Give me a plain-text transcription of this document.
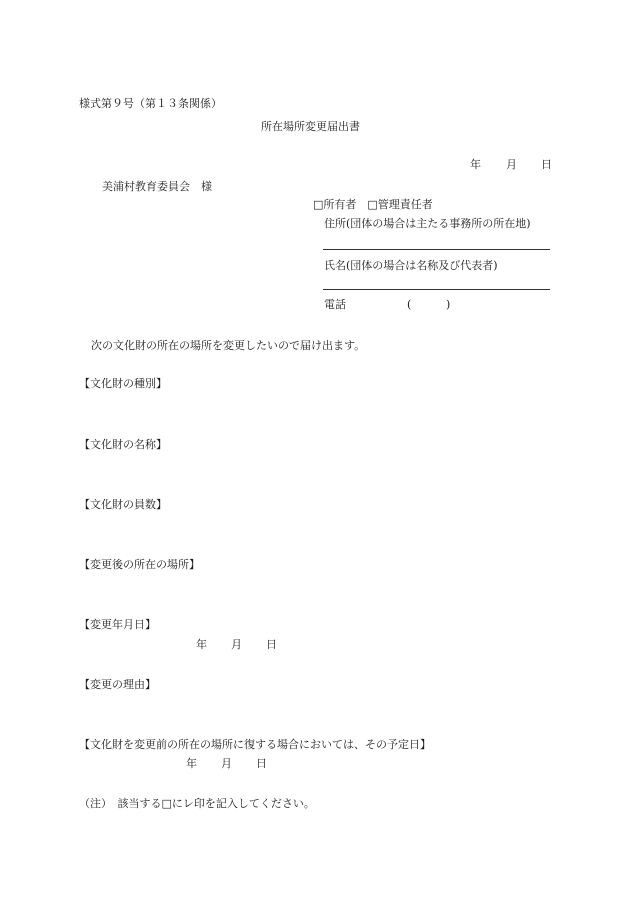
様式第９号（第１３条関係）
所在場所変更届出書
年 月 日
美浦村教育委員会　様
□所有者　□管理責任者
住所(団体の場合は主たる事務所の所在地)
氏名(団体の場合は名称及び代表者)
電話	(	)
次の文化財の所在の場所を変更したいので届け出ます。
【文化財の種別】
【文化財の名称】
【文化財の員数】
【変更後の所在の場所】
【変更年月日】
年 月 日
【変更の理由】
【文化財を変更前の所在の場所に復する場合においては、その予定日】
年 月 日
（注）　該当する□にレ印を記入してください。
